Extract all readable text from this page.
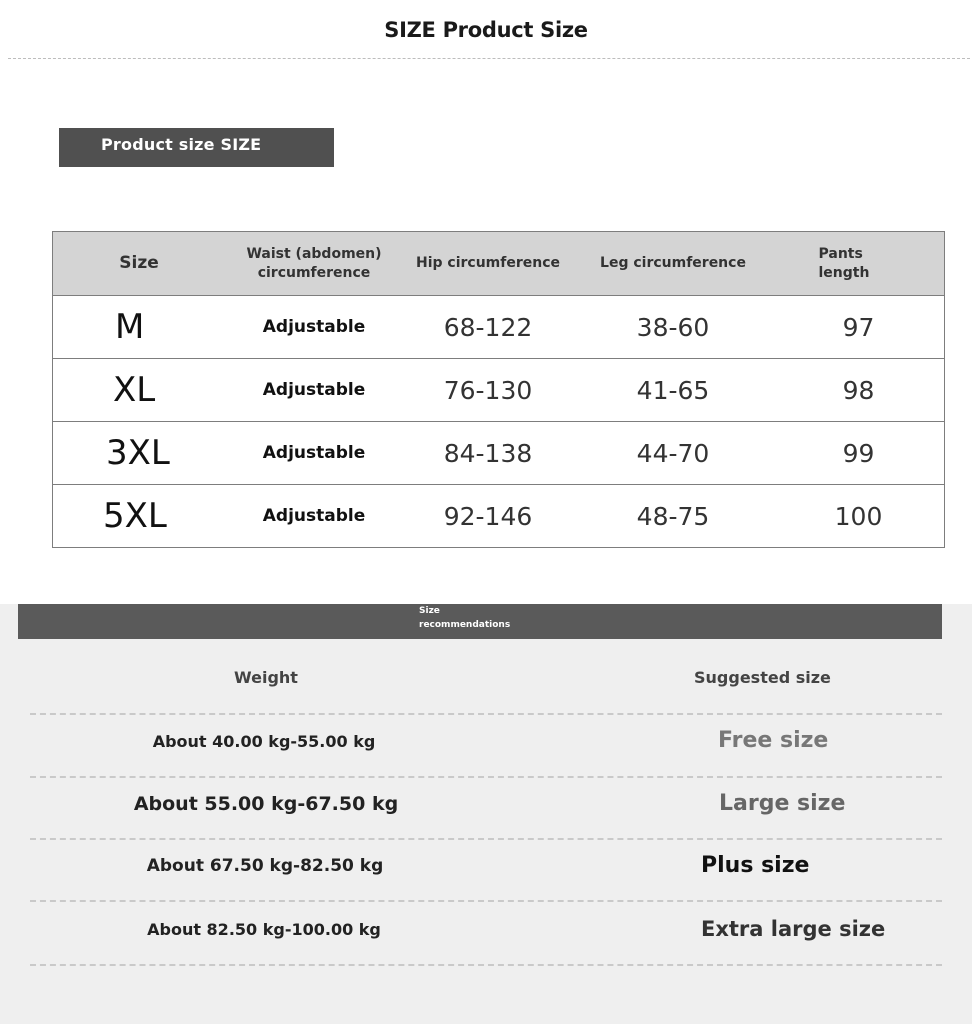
SIZE Product Size
Product size SIZE
Size	Waist (abdomen) circumference	Hip circumference	Leg circumference	Pants length
M	Adjustable	68-122	38-60	97
XL	Adjustable	76-130	41-65	98
3XL	Adjustable	84-138	44-70	99
5XL	Adjustable	92-146	48-75	100
Size
recommendations
Weight	Suggested size
About 40.00 kg-55.00 kg	Free size
About 55.00 kg-67.50 kg	Large size
About 67.50 kg-82.50 kg	Plus size
About 82.50 kg-100.00 kg	Extra large size
